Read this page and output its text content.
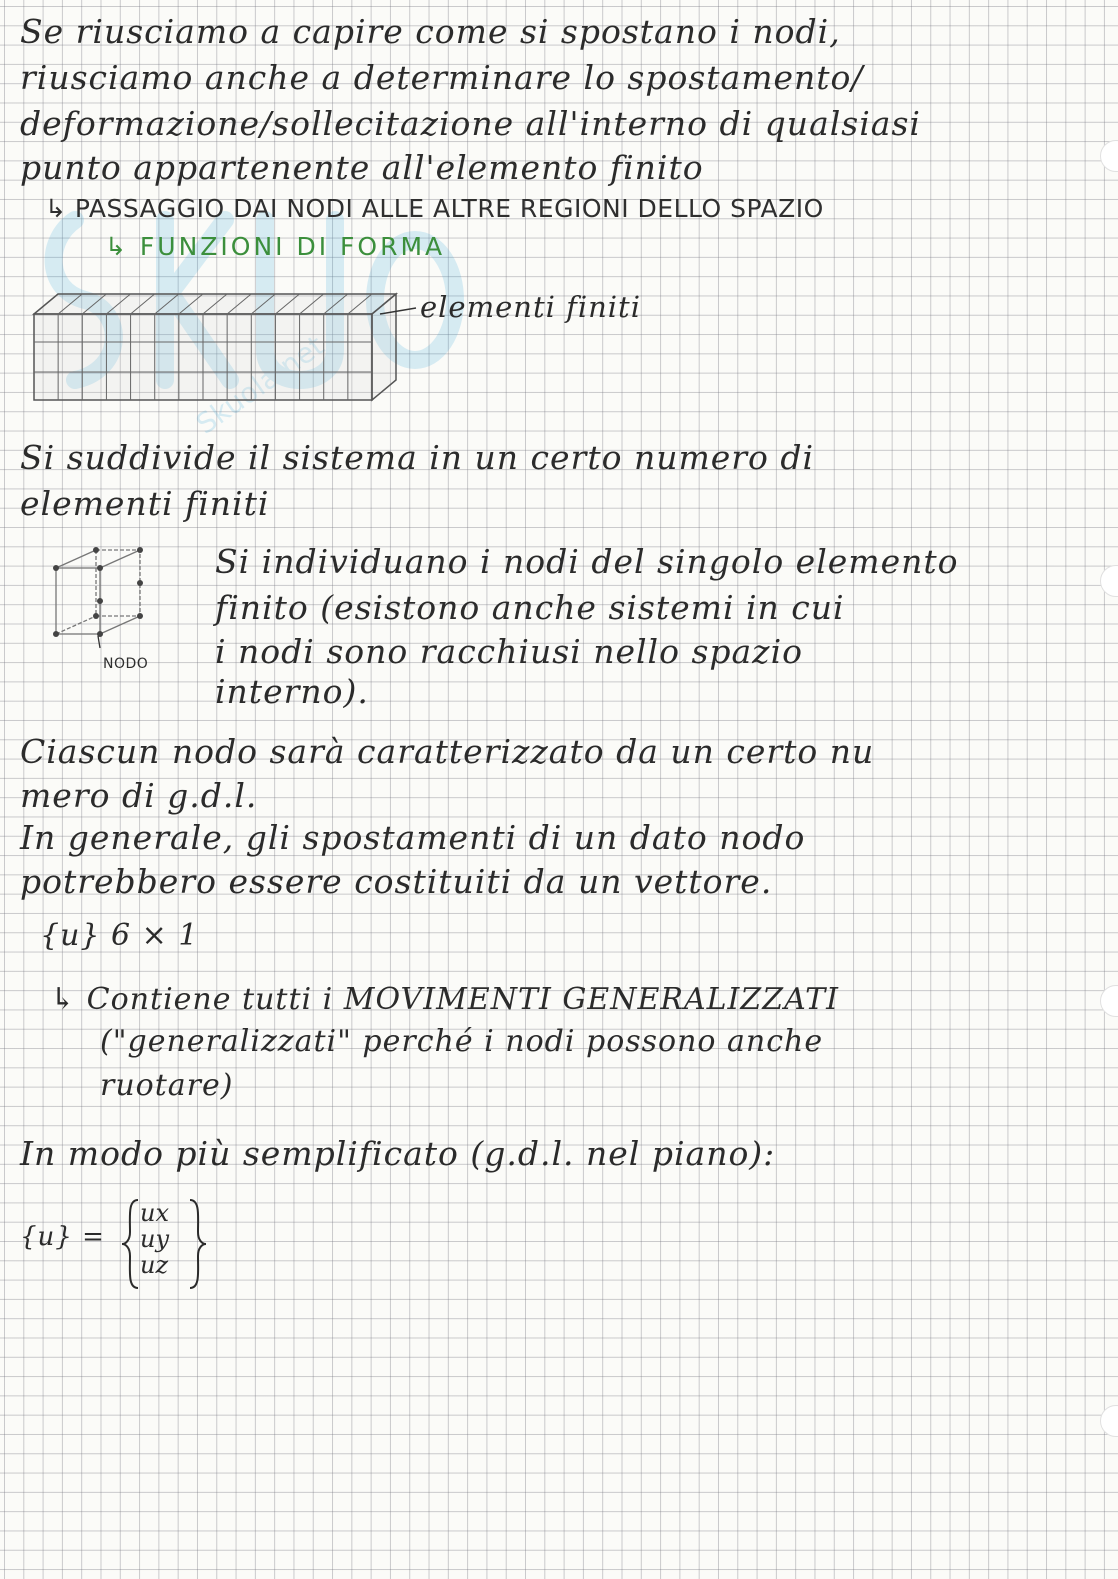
Se riusciamo a capire come si spostano i nodi,
riusciamo anche a determinare lo spostamento/
deformazione/sollecitazione all'interno di qualsiasi
punto appartenente all'elemento finito
↳ PASSAGGIO DAI NODI ALLE ALTRE REGIONI DELLO SPAZIO
↳ FUNZIONI DI FORMA
elementi finiti
Si suddivide il sistema in un certo numero di
elementi finiti
NODO
Si individuano i nodi del singolo elemento
finito (esistono anche sistemi in cui
i nodi sono racchiusi nello spazio
interno).
Ciascun nodo sarà caratterizzato da un certo nu
mero di g.d.l.
In generale, gli spostamenti di un dato nodo
potrebbero essere costituiti da un vettore.
{u} 6 × 1
↳ Contiene tutti i MOVIMENTI GENERALIZZATI
("generalizzati" perché i nodi possono anche
ruotare)
In modo più semplificato (g.d.l. nel piano):
{u} =
ux
uy
uz
